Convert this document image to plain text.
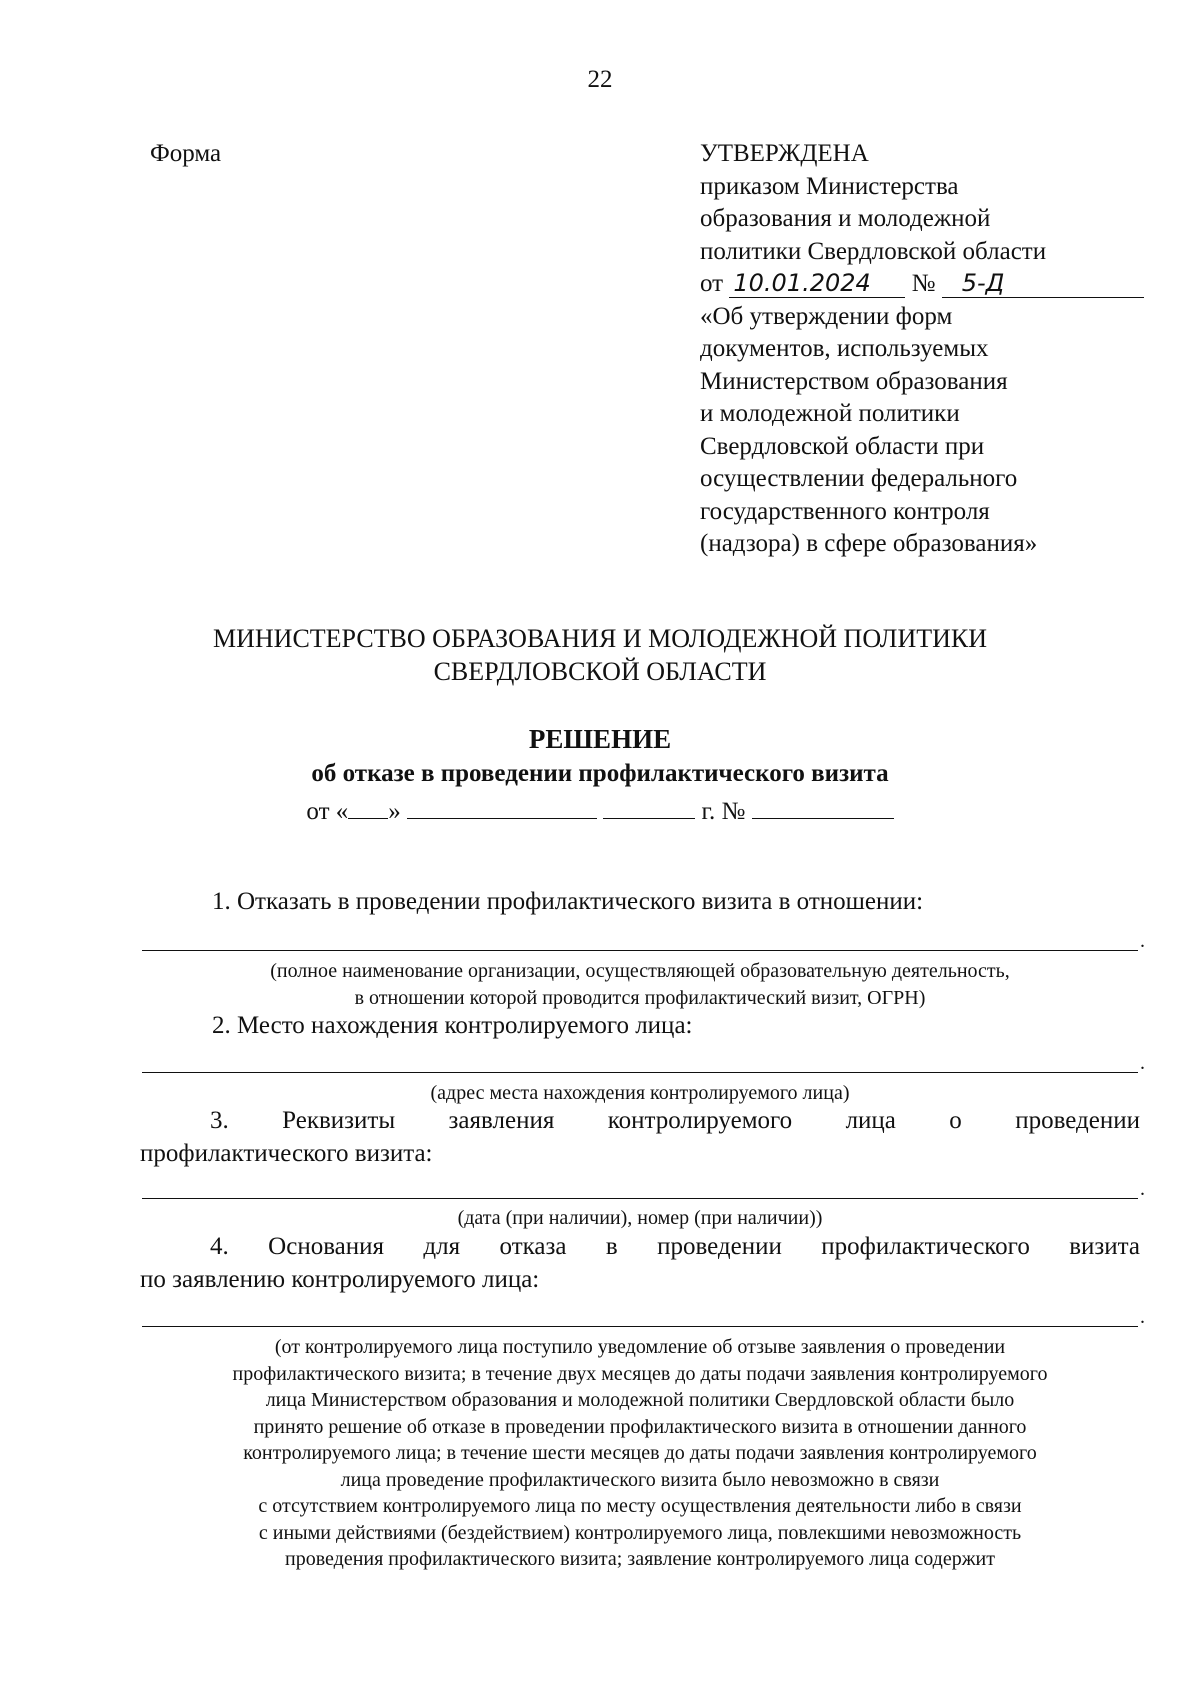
22
Форма	УТВЕРЖДЕНА
приказом Министерства
образования и молодежной
политики Свердловской области
от 10.01.2024 № 5-Д
«Об утверждении форм
документов, используемых
Министерством образования
и молодежной политики
Свердловской области при
осуществлении федерального
государственного контроля
(надзора) в сфере образования»
МИНИСТЕРСТВО ОБРАЗОВАНИЯ И МОЛОДЕЖНОЙ ПОЛИТИКИ
СВЕРДЛОВСКОЙ ОБЛАСТИ
РЕШЕНИЕ
об отказе в проведении профилактического визита
от « »	г. №
1. Отказать в проведении профилактического визита в отношении:
.
(полное наименование организации, осуществляющей образовательную деятельность,
в отношении которой проводится профилактический визит, ОГРН)
2. Место нахождения контролируемого лица:
.
(адрес места нахождения контролируемого лица)
3. Реквизиты заявления контролируемого лица о проведении
профилактического визита:
.
(дата (при наличии), номер (при наличии))
4. Основания для отказа в проведении профилактического визита
по заявлению контролируемого лица:
.
(от контролируемого лица поступило уведомление об отзыве заявления о проведении
профилактического визита; в течение двух месяцев до даты подачи заявления контролируемого
лица Министерством образования и молодежной политики Свердловской области было
принято решение об отказе в проведении профилактического визита в отношении данного
контролируемого лица; в течение шести месяцев до даты подачи заявления контролируемого
лица проведение профилактического визита было невозможно в связи
с отсутствием контролируемого лица по месту осуществления деятельности либо в связи
с иными действиями (бездействием) контролируемого лица, повлекшими невозможность
проведения профилактического визита; заявление контролируемого лица содержит
